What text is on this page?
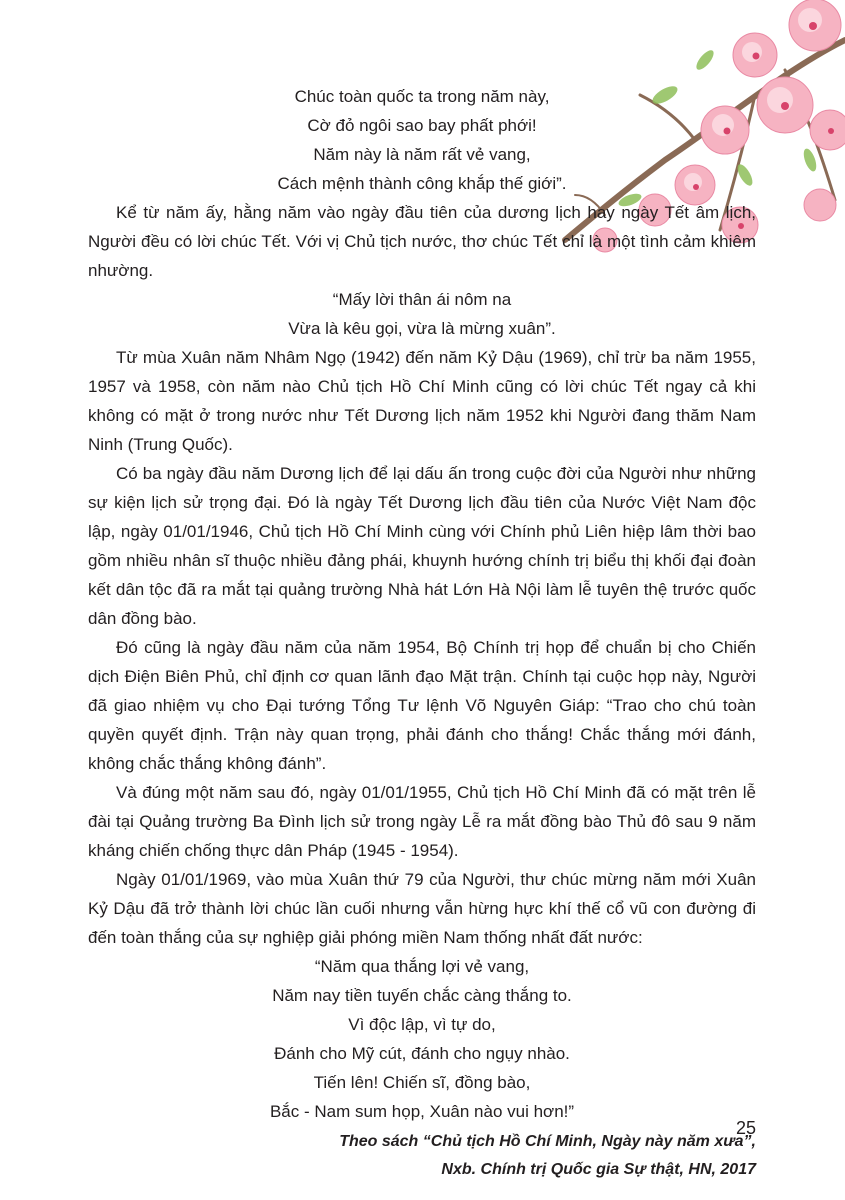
Chúc toàn quốc ta trong năm này,
Cờ đỏ ngôi sao bay phất phới!
Năm này là năm rất vẻ vang,
Cách mệnh thành công khắp thế giới”.

Kể từ năm ấy, hằng năm vào ngày đầu tiên của dương lịch hay ngày Tết âm lịch, Người đều có lời chúc Tết. Với vị Chủ tịch nước, thơ chúc Tết chỉ là một tình cảm khiêm nhường.

“Mấy lời thân ái nôm na
Vừa là kêu gọi, vừa là mừng xuân”.

Từ mùa Xuân năm Nhâm Ngọ (1942) đến năm Kỷ Dậu (1969), chỉ trừ ba năm 1955, 1957 và 1958, còn năm nào Chủ tịch Hồ Chí Minh cũng có lời chúc Tết ngay cả khi không có mặt ở trong nước như Tết Dương lịch năm 1952 khi Người đang thăm Nam Ninh (Trung Quốc).

Có ba ngày đầu năm Dương lịch để lại dấu ấn trong cuộc đời của Người như những sự kiện lịch sử trọng đại. Đó là ngày Tết Dương lịch đầu tiên của Nước Việt Nam độc lập, ngày 01/01/1946, Chủ tịch Hồ Chí Minh cùng với Chính phủ Liên hiệp lâm thời bao gồm nhiều nhân sĩ thuộc nhiều đảng phái, khuynh hướng chính trị biểu thị khối đại đoàn kết dân tộc đã ra mắt tại quảng trường Nhà hát Lớn Hà Nội làm lễ tuyên thệ trước quốc dân đồng bào.

Đó cũng là ngày đầu năm của năm 1954, Bộ Chính trị họp để chuẩn bị cho Chiến dịch Điện Biên Phủ, chỉ định cơ quan lãnh đạo Mặt trận. Chính tại cuộc họp này, Người đã giao nhiệm vụ cho Đại tướng Tổng Tư lệnh Võ Nguyên Giáp: “Trao cho chú toàn quyền quyết định. Trận này quan trọng, phải đánh cho thắng! Chắc thắng mới đánh, không chắc thắng không đánh”.

Và đúng một năm sau đó, ngày 01/01/1955, Chủ tịch Hồ Chí Minh đã có mặt trên lễ đài tại Quảng trường Ba Đình lịch sử trong ngày Lễ ra mắt đồng bào Thủ đô sau 9 năm kháng chiến chống thực dân Pháp (1945 - 1954).

Ngày 01/01/1969, vào mùa Xuân thứ 79 của Người, thư chúc mừng năm mới Xuân Kỷ Dậu đã trở thành lời chúc lần cuối nhưng vẫn hừng hực khí thế cổ vũ con đường đi đến toàn thắng của sự nghiệp giải phóng miền Nam thống nhất đất nước:

“Năm qua thắng lợi vẻ vang,
Năm nay tiền tuyến chắc càng thắng to.
Vì độc lập, vì tự do,
Đánh cho Mỹ cút, đánh cho ngụy nhào.
Tiến lên! Chiến sĩ, đồng bào,
Bắc - Nam sum họp, Xuân nào vui hơn!”
Theo sách “Chủ tịch Hồ Chí Minh, Ngày này năm xưa”,
Nxb. Chính trị Quốc gia Sự thật, HN, 2017
25
